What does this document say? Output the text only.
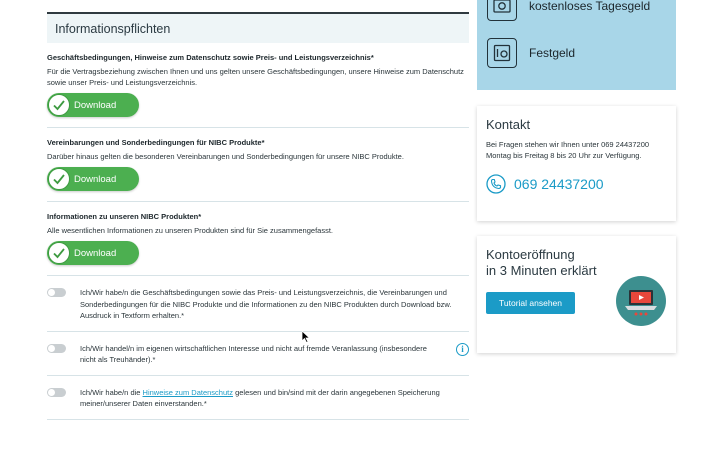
Informationspflichten
Geschäftsbedingungen, Hinweise zum Datenschutz sowie Preis- und Leistungsverzeichnis*
Für die Vertragsbeziehung zwischen Ihnen und uns gelten unsere Geschäftsbedingungen, unsere Hinweise zum Datenschutz sowie unser Preis- und Leistungsverzeichnis.
Download
Vereinbarungen und Sonderbedingungen für NIBC Produkte*
Darüber hinaus gelten die besonderen Vereinbarungen und Sonderbedingungen für unsere NIBC Produkte.
Download
Informationen zu unseren NIBC Produkten*
Alle wesentlichen Informationen zu unseren Produkten sind für Sie zusammengefasst.
Download
Ich/Wir habe/n die Geschäftsbedingungen sowie das Preis- und Leistungsverzeichnis, die Vereinbarungen und Sonderbedingungen für die NIBC Produkte und die Informationen zu den NIBC Produkten durch Download bzw. Ausdruck in Textform erhalten.*
Ich/Wir handel/n im eigenen wirtschaftlichen Interesse und nicht auf fremde Veranlassung (insbesondere nicht als Treuhänder).*
i
Ich/Wir habe/n die Hinweise zum Datenschutz gelesen und bin/sind mit der darin angegebenen Speicherung meiner/unserer Daten einverstanden.*
kostenloses Tagesgeld
Festgeld
Kontakt
Bei Fragen stehen wir Ihnen unter 069 24437200 Montag bis Freitag 8 bis 20 Uhr zur Verfügung.
069 24437200
Kontoeröffnung
in 3 Minuten erklärt
Tutorial ansehen
